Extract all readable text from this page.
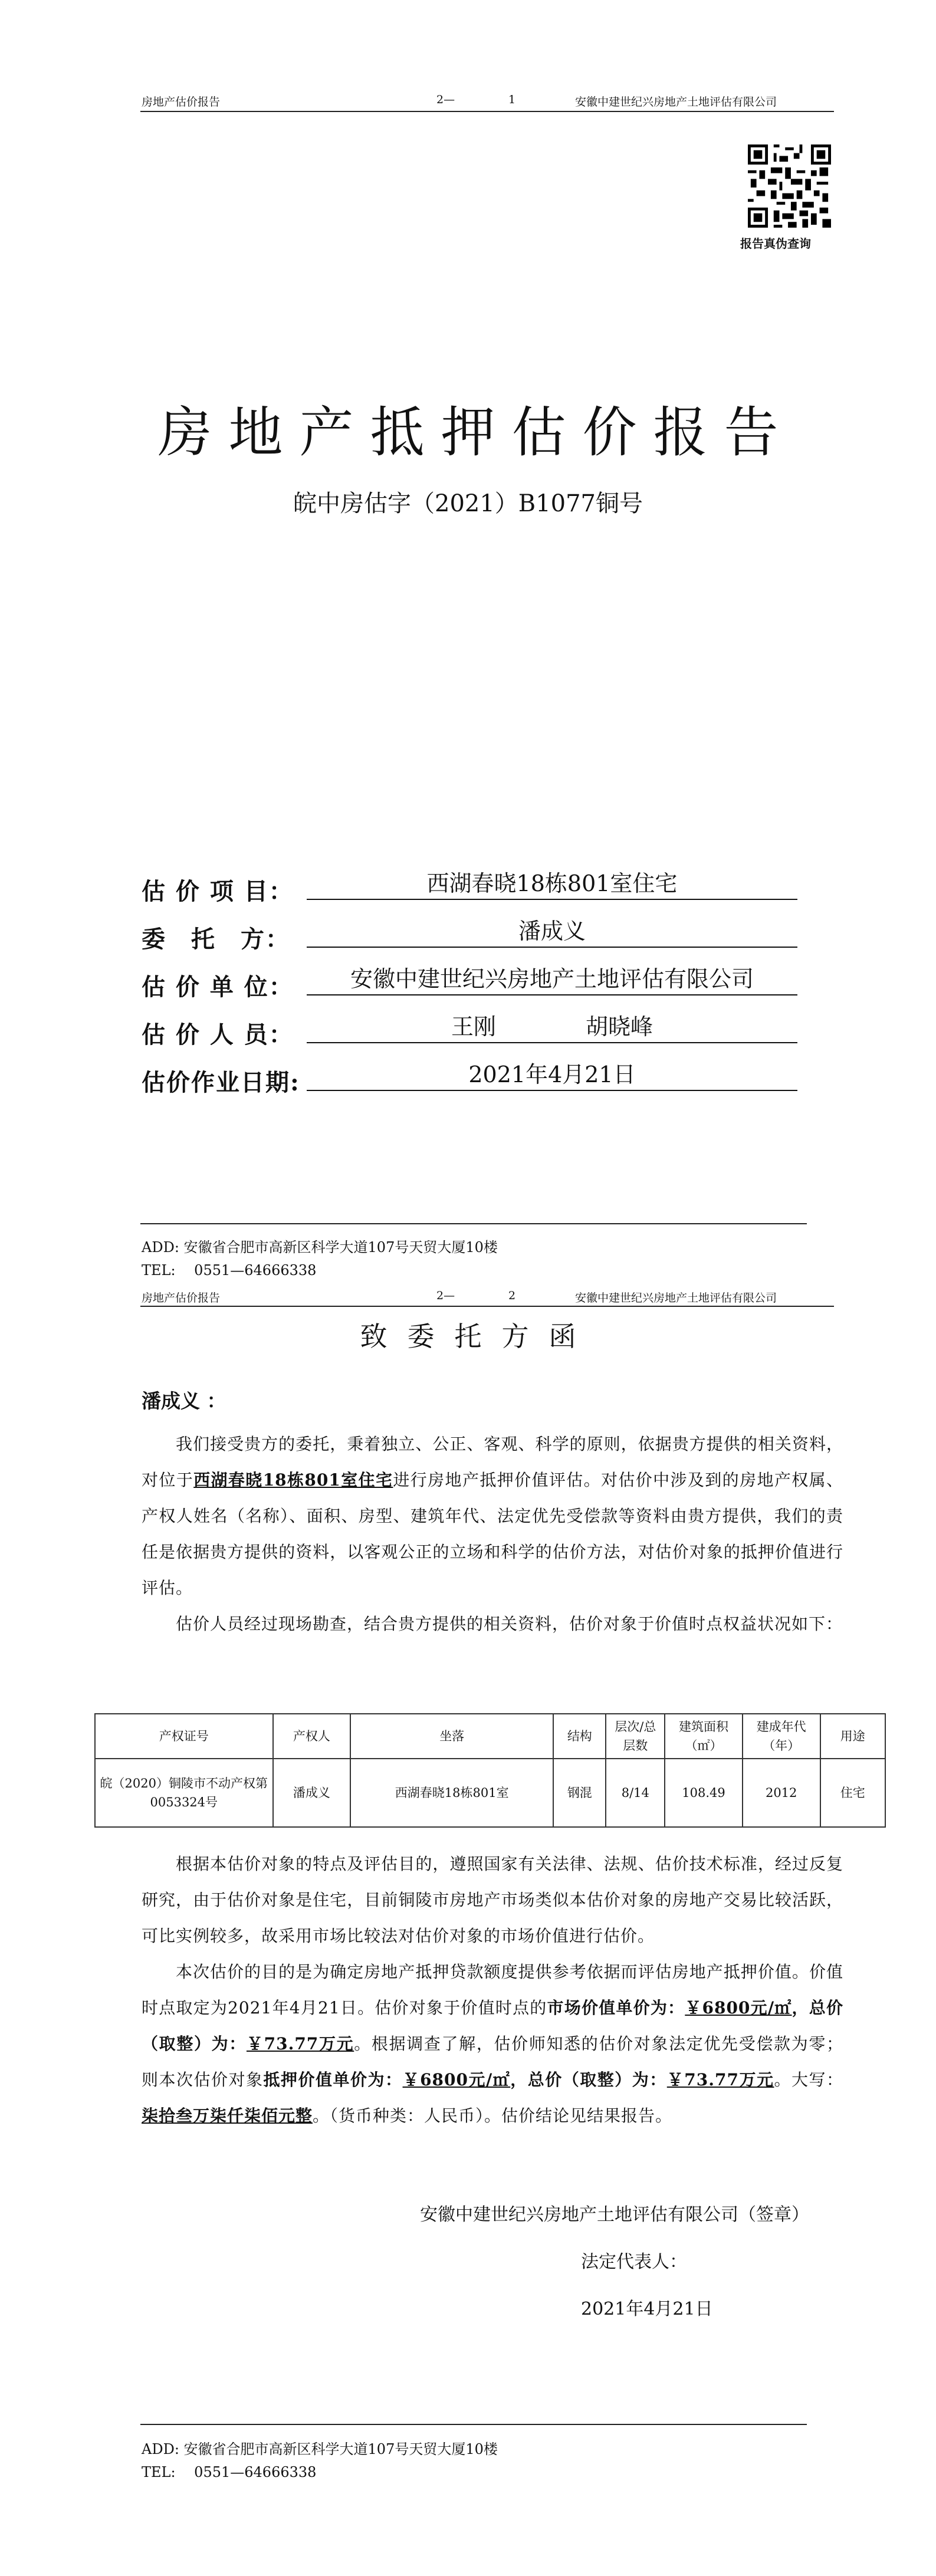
房地产估价报告	2—	1	安徽中建世纪兴房地产土地评估有限公司
报告真伪查询
房地产抵押估价报告
皖中房估字（2021）B1077铜号
估 价 项 目：	西湖春晓18栋801室住宅
委　托　方：	潘成义
估 价 单 位：	安徽中建世纪兴房地产土地评估有限公司
估 价 人 员：	王刚　　　　胡晓峰
估价作业日期:	2021年4月21日
ADD: 安徽省合肥市高新区科学大道107号天贸大厦10楼
TEL:　 0551—64666338
房地产估价报告	2—	2	安徽中建世纪兴房地产土地评估有限公司
致委托方函
潘成义 ：

我们接受贵方的委托，秉着独立、公正、客观、科学的原则，依据贵方提供的相关资料，对位于西湖春晓18栋801室住宅进行房地产抵押价值评估。对估价中涉及到的房地产权属、产权人姓名（名称）、面积、房型、建筑年代、法定优先受偿款等资料由贵方提供，我们的责任是依据贵方提供的资料，以客观公正的立场和科学的估价方法，对估价对象的抵押价值进行评估。

估价人员经过现场勘查，结合贵方提供的相关资料，估价对象于价值时点权益状况如下：

产权证号	产权人	坐落	结构	层次/总层数	建筑面积（㎡）	建成年代（年）	用途
皖（2020）铜陵市不动产权第0053324号	潘成义	西湖春晓18栋801室	钢混	8/14	108.49	2012	住宅

根据本估价对象的特点及评估目的，遵照国家有关法律、法规、估价技术标准，经过反复研究，由于估价对象是住宅，目前铜陵市房地产市场类似本估价对象的房地产交易比较活跃，可比实例较多，故采用市场比较法对估价对象的市场价值进行估价。

本次估价的目的是为确定房地产抵押贷款额度提供参考依据而评估房地产抵押价值。价值时点取定为2021年4月21日。估价对象于价值时点的市场价值单价为：￥6800元/㎡，总价（取整）为：￥73.77万元。根据调查了解，估价师知悉的估价对象法定优先受偿款为零；则本次估价对象抵押价值单价为：￥6800元/㎡，总价（取整）为：￥73.77万元。大写：柒拾叁万柒仟柒佰元整。（货币种类：人民币）。估价结论见结果报告。

安徽中建世纪兴房地产土地评估有限公司（签章）
法定代表人：
2021年4月21日
ADD: 安徽省合肥市高新区科学大道107号天贸大厦10楼
TEL:　 0551—64666338
